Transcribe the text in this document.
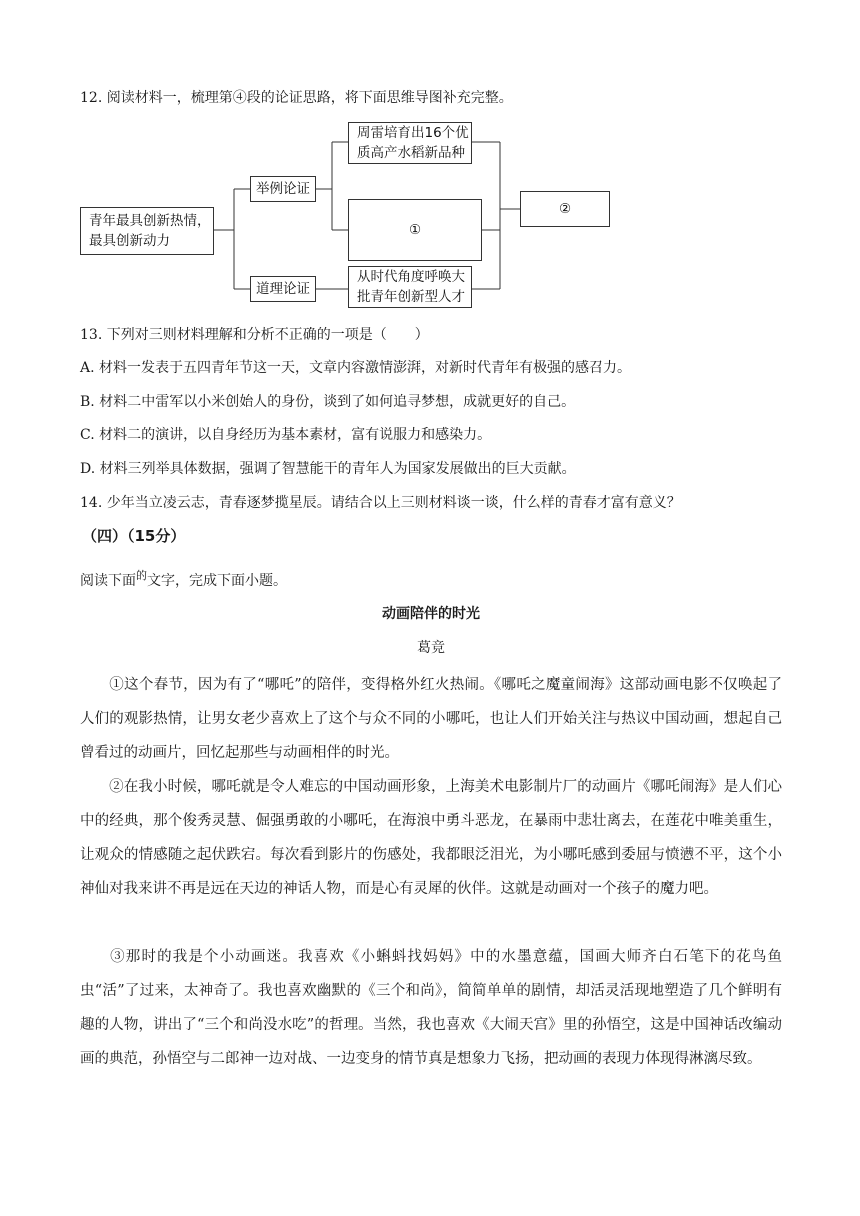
12. 阅读材料一，梳理第④段的论证思路，将下面思维导图补充完整。
青年最具创新热情，
最具创新动力
举例论证
道理论证
周雷培育出16个优
质高产水稻新品种
①
从时代角度呼唤大
批青年创新型人才
②
13. 下列对三则材料理解和分析不正确的一项是（　　）
A. 材料一发表于五四青年节这一天，文章内容激情澎湃，对新时代青年有极强的感召力。
B. 材料二中雷军以小米创始人的身份，谈到了如何追寻梦想，成就更好的自己。
C. 材料二的演讲，以自身经历为基本素材，富有说服力和感染力。
D. 材料三列举具体数据，强调了智慧能干的青年人为国家发展做出的巨大贡献。
14. 少年当立凌云志，青春逐梦揽星辰。请结合以上三则材料谈一谈，什么样的青春才富有意义？
（四）（15分）
阅读下面$^的$文字，完成下面小题。
动画陪伴的时光
葛竞

①这个春节，因为有了“哪吒”的陪伴，变得格外红火热闹。《哪吒之魔童闹海》这部动画电影不仅唤起了人们的观影热情，让男女老少喜欢上了这个与众不同的小哪吒，也让人们开始关注与热议中国动画，想起自己曾看过的动画片，回忆起那些与动画相伴的时光。

②在我小时候，哪吒就是令人难忘的中国动画形象，上海美术电影制片厂的动画片《哪吒闹海》是人们心中的经典，那个俊秀灵慧、倔强勇敢的小哪吒，在海浪中勇斗恶龙，在暴雨中悲壮离去，在莲花中唯美重生，让观众的情感随之起伏跌宕。每次看到影片的伤感处，我都眼泛泪光，为小哪吒感到委屈与愤懑不平，这个小神仙对我来讲不再是远在天边的神话人物，而是心有灵犀的伙伴。这就是动画对一个孩子的魔力吧。

③那时的我是个小动画迷。我喜欢《小蝌蚪找妈妈》中的水墨意蕴，国画大师齐白石笔下的花鸟鱼虫“活”了过来，太神奇了。我也喜欢幽默的《三个和尚》，简简单单的剧情，却活灵活现地塑造了几个鲜明有趣的人物，讲出了“三个和尚没水吃”的哲理。当然，我也喜欢《大闹天宫》里的孙悟空，这是中国神话改编动画的典范，孙悟空与二郎神一边对战、一边变身的情节真是想象力飞扬，把动画的表现力体现得淋漓尽致。
